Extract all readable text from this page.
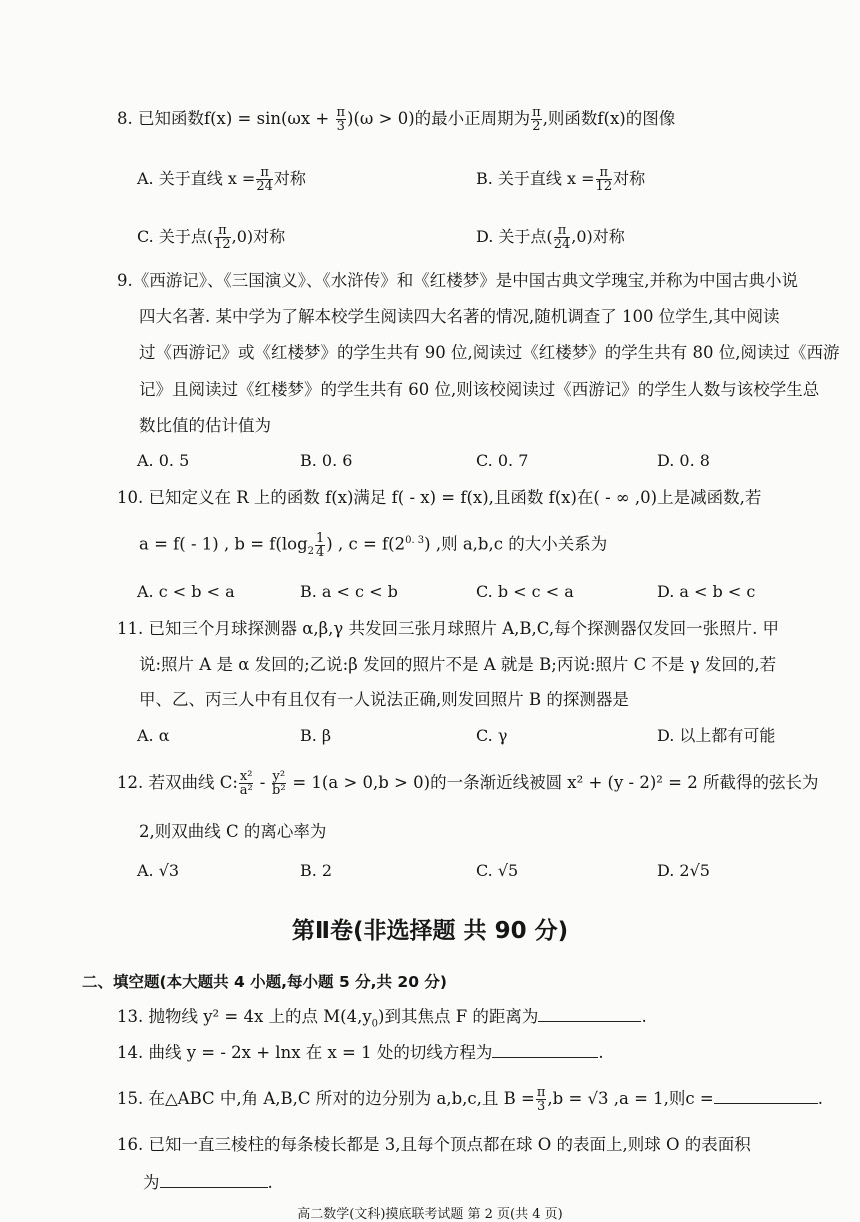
8. 已知函数$f(x) = \sin(\omega x + \frac{\pi}{3} )(\omega > 0)$的最小正周期为 $\frac{\pi}{2}$ ,则函数f(x)的图像
A. 关于直线 $x = \frac{\pi}{24}$ 对称	B. 关于直线 $x = \frac{\pi}{12}$ 对称
C. 关于点( $\frac{\pi}{12} ,0$)对称	D. 关于点( $\frac{\pi}{24} ,0$)对称
9.《西游记》、《三国演义》、《水浒传》和《红楼梦》是中国古典文学瑰宝,并称为中国古典小说
四大名著. 某中学为了解本校学生阅读四大名著的情况,随机调查了 100 位学生,其中阅读
过《西游记》或《红楼梦》的学生共有 90 位,阅读过《红楼梦》的学生共有 80 位,阅读过《西游
记》且阅读过《红楼梦》的学生共有 60 位,则该校阅读过《西游记》的学生人数与该校学生总
数比值的估计值为
A. 0. 5	B. 0. 6	C. 0. 7	D. 0. 8
10. 已知定义在 R 上的函数 f(x)满足 f( - x) = f(x),且函数 f(x)在( - ∞ ,0)上是减函数,若
a = f( - 1) , $b = f(\log_2 \frac{1}{4}$ ) , $c = f(2^{0. 3})$ ,则 a,b,c 的大小关系为
A. c < b < a	B. a < c < b	C. b < c < a	D. a < b < c
11. 已知三个月球探测器 α,β,γ 共发回三张月球照片 A,B,C,每个探测器仅发回一张照片. 甲
说:照片 A 是 α 发回的;乙说:β 发回的照片不是 A 就是 B;丙说:照片 C 不是 γ 发回的,若
甲、乙、丙三人中有且仅有一人说法正确,则发回照片 B 的探测器是
A. α	B. β	C. γ	D. 以上都有可能
12. 若双曲线 C: $\frac{\text{x²}}{\text{a²}} - \frac{\text{y²}}{\text{b²}} = 1(a > 0,b > 0)$的一条渐近线被圆 x² + (y - 2)² = 2 所截得的弦长为
2,则双曲线 C 的离心率为
A. √3	B. 2	C. √5	D. 2√5
第Ⅱ卷(非选择题 共 90 分)
二、填空题(本大题共 4 小题,每小题 5 分,共 20 分)
13. 抛物线 y² = 4x 上的点 $M(4,y_0)$到其焦点 F 的距离为	.
14. 曲线 y = - 2x + lnx 在 x = 1 处的切线方程为	.
15. 在△ABC 中,角 A,B,C 所对的边分别为 a,b,c,且 $B = \frac{\pi}{3} ,b = √3$ ,a = 1,则c =	.
16. 已知一直三棱柱的每条棱长都是 3,且每个顶点都在球 O 的表面上,则球 O 的表面积
为	.
高二数学(文科)摸底联考试题 第 2 页(共 4 页)
